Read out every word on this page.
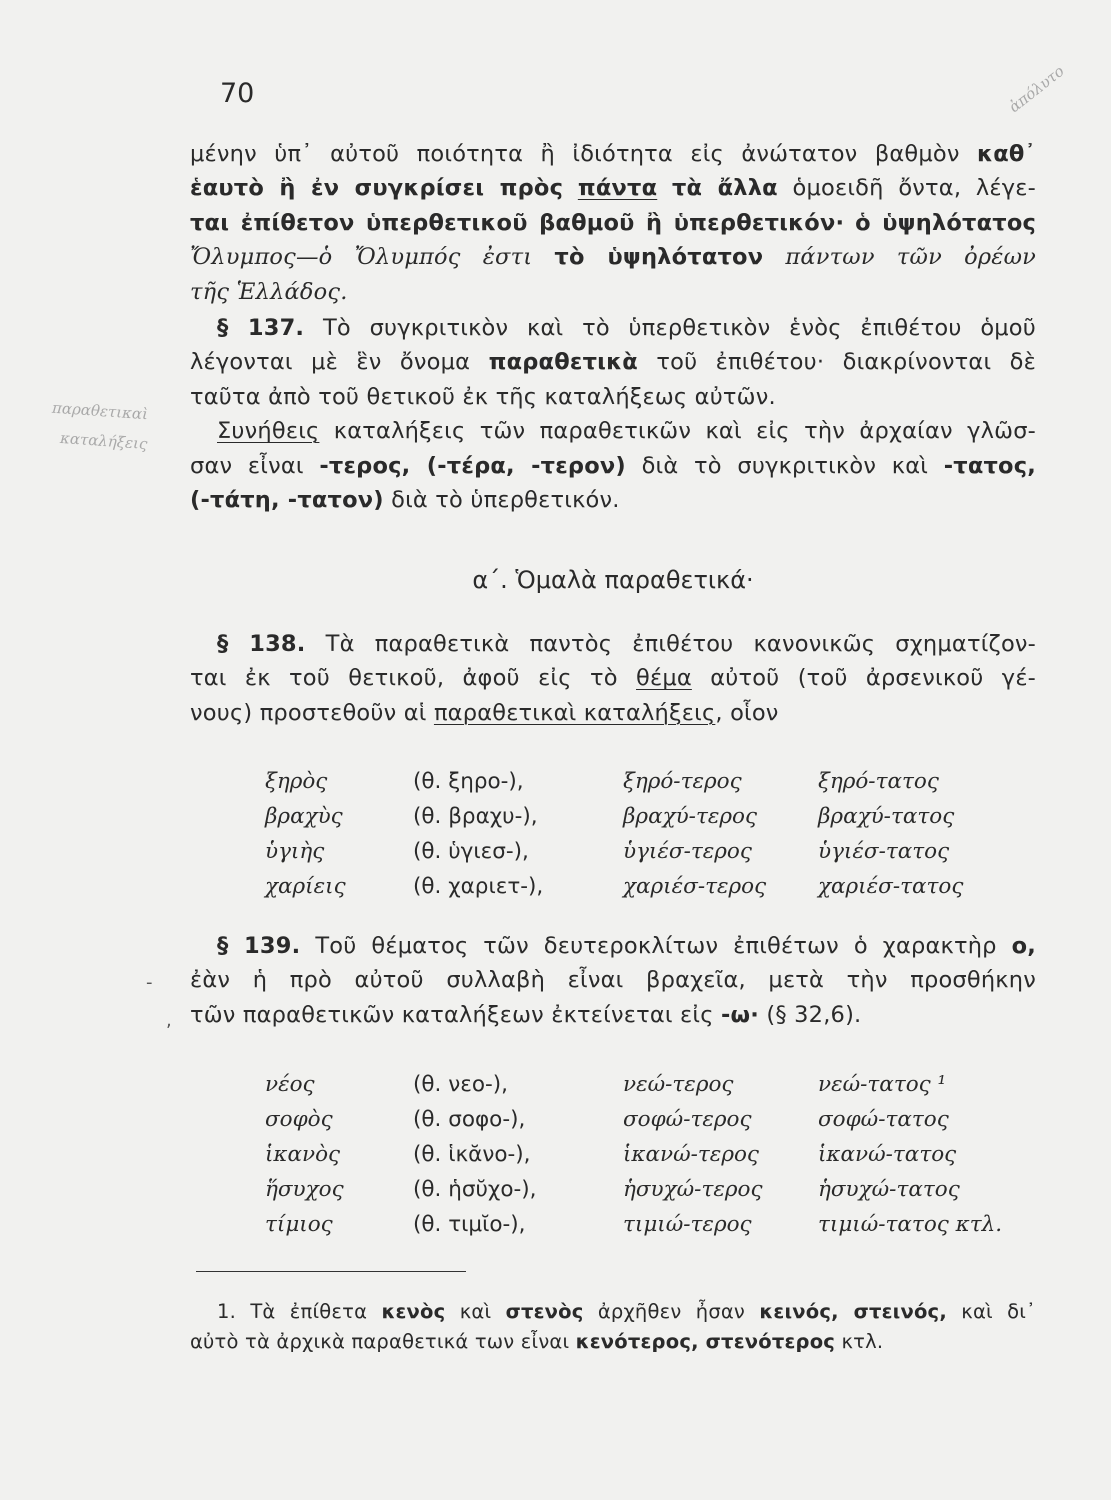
70	ἀπόλυτο
παραθετικαὶ
καταλήξεις
μένην ὑπ᾽ αὐτοῦ ποιότητα ἢ ἰδιότητα εἰς ἀνώτατον βαθμὸν καθ᾽
ἑαυτὸ ἢ ἐν συγκρίσει πρὸς πάντα τὰ ἄλλα ὁμοειδῆ ὄντα, λέγε-
ται ἐπίθετον ὑπερθετικοῦ βαθμοῦ ἢ ὑπερθετικόν· ὁ ὑψηλότατος
Ὄλυμπος—ὁ Ὄλυμπός ἐστι τὸ ὑψηλότατον πάντων τῶν ὀρέων
τῆς Ἑλλάδος.
§ 137. Τὸ συγκριτικὸν καὶ τὸ ὑπερθετικὸν ἑνὸς ἐπιθέτου ὁμοῦ
λέγονται μὲ ἓν ὄνομα παραθετικὰ τοῦ ἐπιθέτου· διακρίνονται δὲ
ταῦτα ἀπὸ τοῦ θετικοῦ ἐκ τῆς καταλήξεως αὐτῶν.
Συνήθεις καταλήξεις τῶν παραθετικῶν καὶ εἰς τὴν ἀρχαίαν γλῶσ-
σαν εἶναι -τερος, (-τέρα, -τερον) διὰ τὸ συγκριτικὸν καὶ -τατος,
(-τάτη, -τατον) διὰ τὸ ὑπερθετικόν.
α΄. Ὁμαλὰ παραθετικά·
§ 138. Τὰ παραθετικὰ παντὸς ἐπιθέτου κανονικῶς σχηματίζον-
ται ἐκ τοῦ θετικοῦ, ἀφοῦ εἰς τὸ θέμα αὐτοῦ (τοῦ ἀρσενικοῦ γέ-
νους) προστεθοῦν αἱ παραθετικαὶ καταλήξεις, οἷον
ξηρὸς	(θ. ξηρο-),	ξηρό-τερος	ξηρό-τατος
βραχὺς	(θ. βραχυ-),	βραχύ-τερος	βραχύ-τατος
ὑγιὴς	(θ. ὑγιεσ-),	ὑγιέσ-τερος	ὑγιέσ-τατος
χαρίεις	(θ. χαριετ-),	χαριέσ-τερος	χαριέσ-τατος
-
,
§ 139. Τοῦ θέματος τῶν δευτεροκλίτων ἐπιθέτων ὁ χαρακτὴρ ο,
ἐὰν ἡ πρὸ αὐτοῦ συλλαβὴ εἶναι βραχεῖα, μετὰ τὴν προσθήκην
τῶν παραθετικῶν καταλήξεων ἐκτείνεται εἰς -ω· (§ 32,6).
νέος	(θ. νεο-),	νεώ-τερος	νεώ-τατος ¹
σοφὸς	(θ. σοφο-),	σοφώ-τερος	σοφώ-τατος
ἱκανὸς	(θ. ἱκᾰνο-),	ἱκανώ-τερος	ἱκανώ-τατος
ἥσυχος	(θ. ἡσῠχο-),	ἡσυχώ-τερος	ἡσυχώ-τατος
τίμιος	(θ. τιμῐο-),	τιμιώ-τερος	τιμιώ-τατος κτλ.
1. Τὰ ἐπίθετα κενὸς καὶ στενὸς ἀρχῆθεν ἦσαν κεινός, στεινός, καὶ δι᾽
αὐτὸ τὰ ἀρχικὰ παραθετικά των εἶναι κενότερος, στενότερος κτλ.
